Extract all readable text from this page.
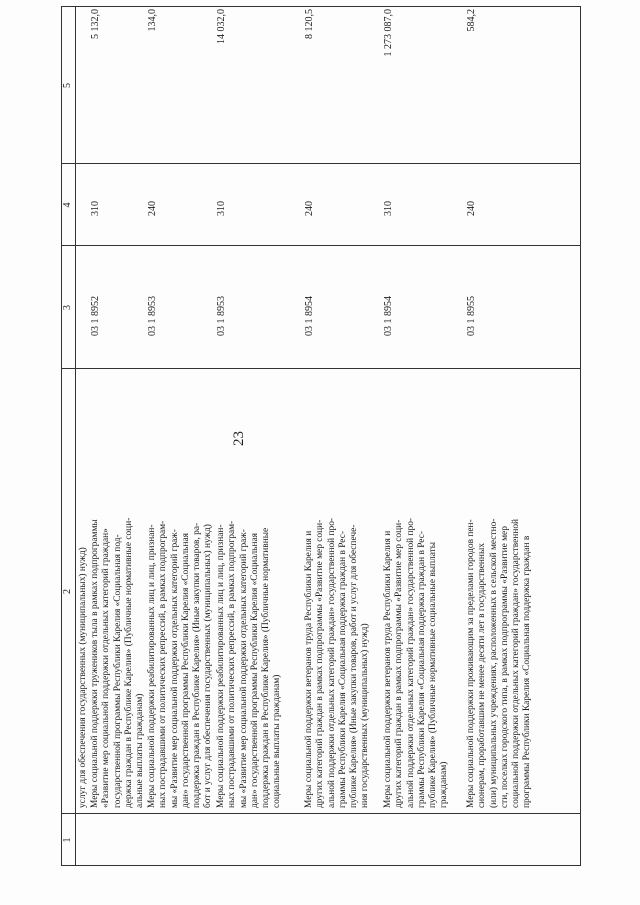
23
1
2
3
4
5
услуг для обеспечения государственных (муниципальных) нужд) Меры социальной поддержки тружеников тыла в рамках подпрограммы «Развитие мер социальной поддержки отдельных категорий граждан» государственной программы Республики Карелия «Социальная под- держка граждан в Республике Карелия» (Публичные нормативные соци- альные выплаты гражданам) Меры социальной поддержки реабилитированных лиц и лиц, признан- ных пострадавшими от политических репрессий, в рамках подпрограм- мы «Развитие мер социальной поддержки отдельных категорий граж- дан» государственной программы Республики Карелия «Социальная поддержка граждан в Республике Карелия» (Иные закупки товаров, ра- бот и услуг для обеспечения государственных (муниципальных) нужд) Меры социальной поддержки реабилитированных лиц и лиц, признан- ных пострадавшими от политических репрессий, в рамках подпрограм- мы «Развитие мер социальной поддержки отдельных категорий граж- дан» государственной программы Республики Карелия «Социальная поддержка граждан в Республике Карелия» (Публичные нормативные социальные выплаты гражданам) Меры социальной поддержки ветеранов труда Республики Карелия и других категорий граждан в рамках подпрограммы «Развитие мер соци- альной поддержки отдельных категорий граждан» государственной про- граммы Республики Карелия «Социальная поддержка граждан в Рес- публике Карелия» (Иные закупки товаров, работ и услуг для обеспече- ния государственных (муниципальных) нужд) Меры социальной поддержки ветеранов труда Республики Карелия и других категорий граждан в рамках подпрограммы «Развитие мер соци- альной поддержки отдельных категорий граждан» государственной про- граммы Республики Карелия «Социальная поддержка граждан в Рес- публике Карелия» (Публичные нормативные социальные выплаты гражданам) Меры социальной поддержки проживающим за пределами городов пен- сионерам, проработавшим не менее десяти лет в государственных (или) муниципальных учреждениях, расположенных в сельской местно- сти, поселках городского типа, в рамках подпрограммы «Развитие мер социальной поддержки отдельных категорий граждан» государственной программы Республики Карелия «Социальная поддержка граждан в
03 1 8952
310
5 132,0
03 1 8953
240
134,0
03 1 8953
310
14 032,0
03 1 8954
240
8 120,5
03 1 8954
310
1 273 087,0
03 1 8955
240
584,2
